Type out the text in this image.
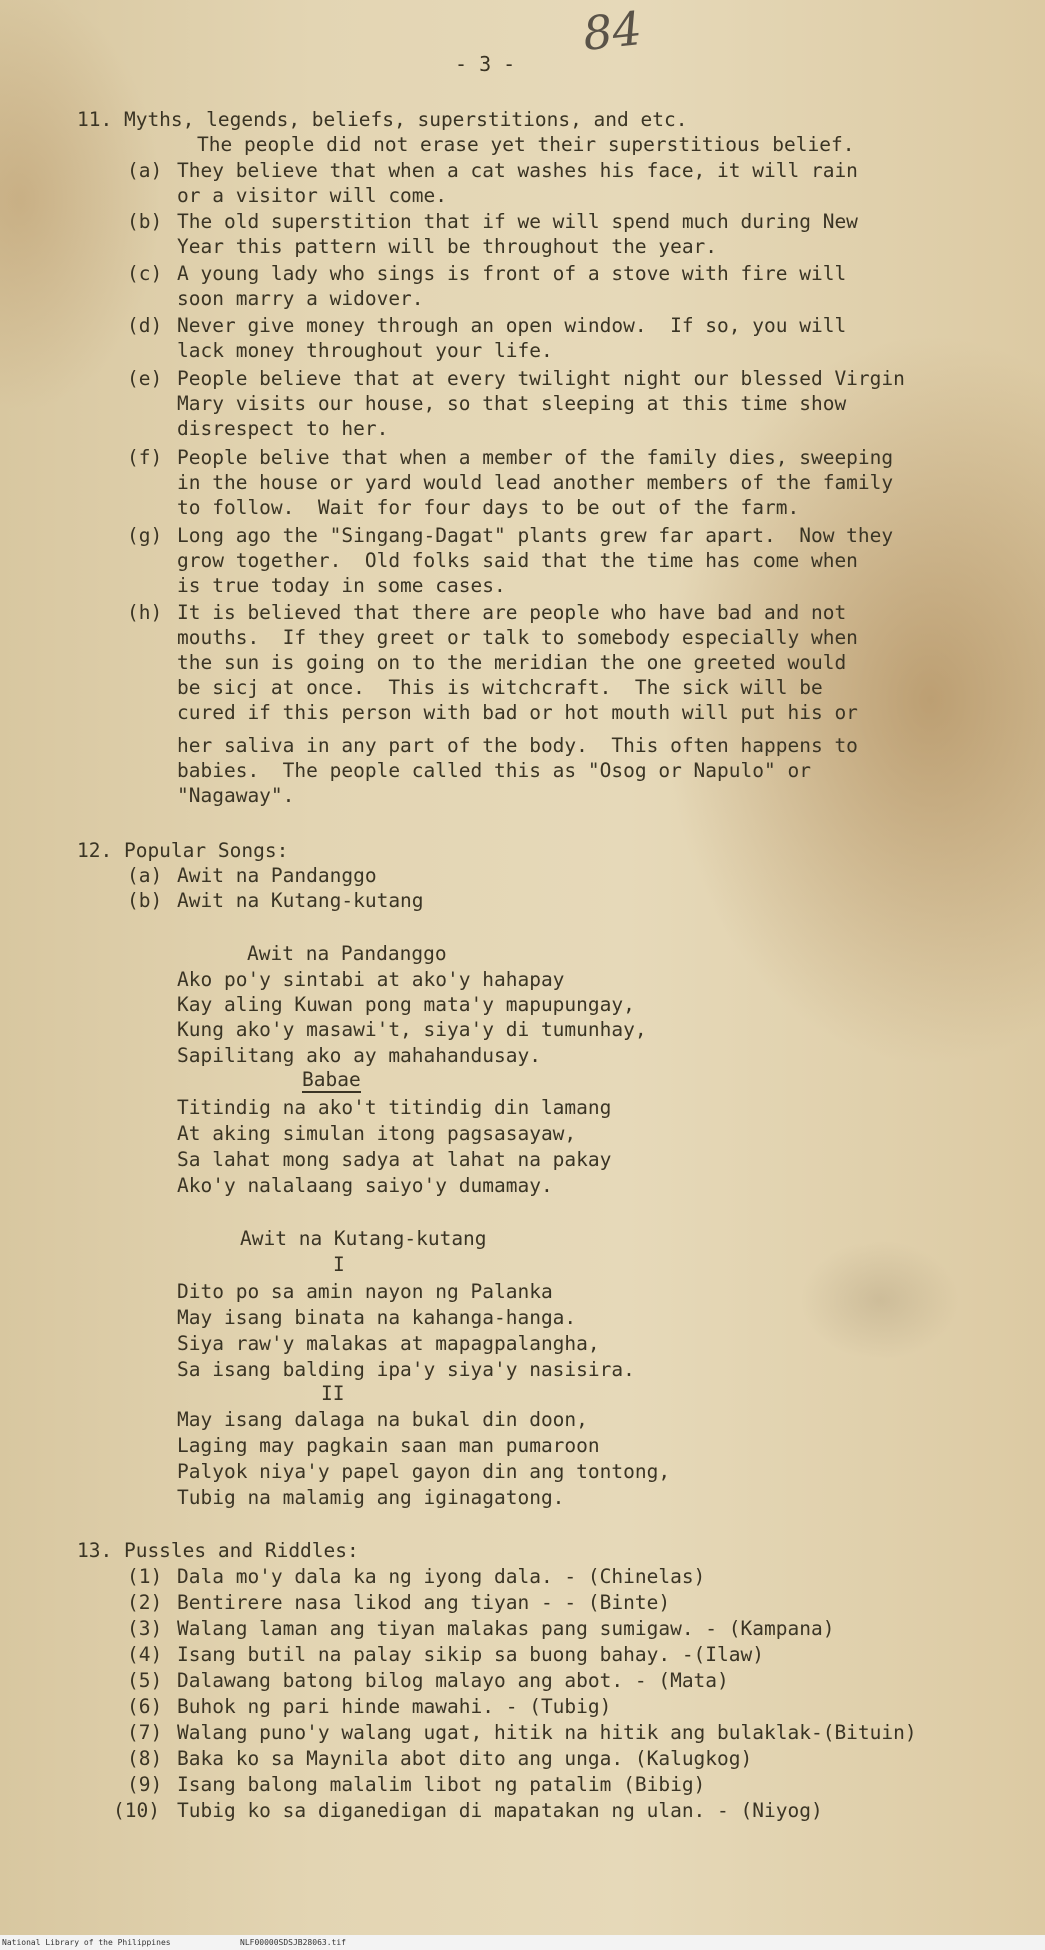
- 3 -
84
11. Myths, legends, beliefs, superstitions, and etc.
The people did not erase yet their superstitious belief.
(a) They believe that when a cat washes his face, it will rain
or a visitor will come.
(b) The old superstition that if we will spend much during New
Year this pattern will be throughout the year.
(c) A young lady who sings is front of a stove with fire will
soon marry a widover.
(d) Never give money through an open window.  If so, you will
lack money throughout your life.
(e) People believe that at every twilight night our blessed Virgin
Mary visits our house, so that sleeping at this time show
disrespect to her.
(f) People belive that when a member of the family dies, sweeping
in the house or yard would lead another members of the family
to follow.  Wait for four days to be out of the farm.
(g) Long ago the "Singang-Dagat" plants grew far apart.  Now they
grow together.  Old folks said that the time has come when
is true today in some cases.
(h) It is believed that there are people who have bad and not
mouths.  If they greet or talk to somebody especially when
the sun is going on to the meridian the one greeted would
be sicj at once.  This is witchcraft.  The sick will be
cured if this person with bad or hot mouth will put his or
her saliva in any part of the body.  This often happens to
babies.  The people called this as "Osog or Napulo" or
"Nagaway".
12. Popular Songs:
(a) Awit na Pandanggo
(b) Awit na Kutang-kutang
Awit na Pandanggo
Ako po'y sintabi at ako'y hahapay
Kay aling Kuwan pong mata'y mapupungay,
Kung ako'y masawi't, siya'y di tumunhay,
Sapilitang ako ay mahahandusay.
Babae
Titindig na ako't titindig din lamang
At aking simulan itong pagsasayaw,
Sa lahat mong sadya at lahat na pakay
Ako'y nalalaang saiyo'y dumamay.
Awit na Kutang-kutang
I
Dito po sa amin nayon ng Palanka
May isang binata na kahanga-hanga.
Siya raw'y malakas at mapagpalangha,
Sa isang balding ipa'y siya'y nasisira.
II
May isang dalaga na bukal din doon,
Laging may pagkain saan man pumaroon
Palyok niya'y papel gayon din ang tontong,
Tubig na malamig ang iginagatong.
13. Pussles and Riddles:
(1) Dala mo'y dala ka ng iyong dala. - (Chinelas)
(2) Bentirere nasa likod ang tiyan - - (Binte)
(3) Walang laman ang tiyan malakas pang sumigaw. - (Kampana)
(4) Isang butil na palay sikip sa buong bahay. -(Ilaw)
(5) Dalawang batong bilog malayo ang abot. - (Mata)
(6) Buhok ng pari hinde mawahi. - (Tubig)
(7) Walang puno'y walang ugat, hitik na hitik ang bulaklak-(Bituin)
(8) Baka ko sa Maynila abot dito ang unga. (Kalugkog)
(9) Isang balong malalim libot ng patalim (Bibig)
(10) Tubig ko sa diganedigan di mapatakan ng ulan. - (Niyog)
National Library of the Philippines	NLF00000SDSJB28063.tif
